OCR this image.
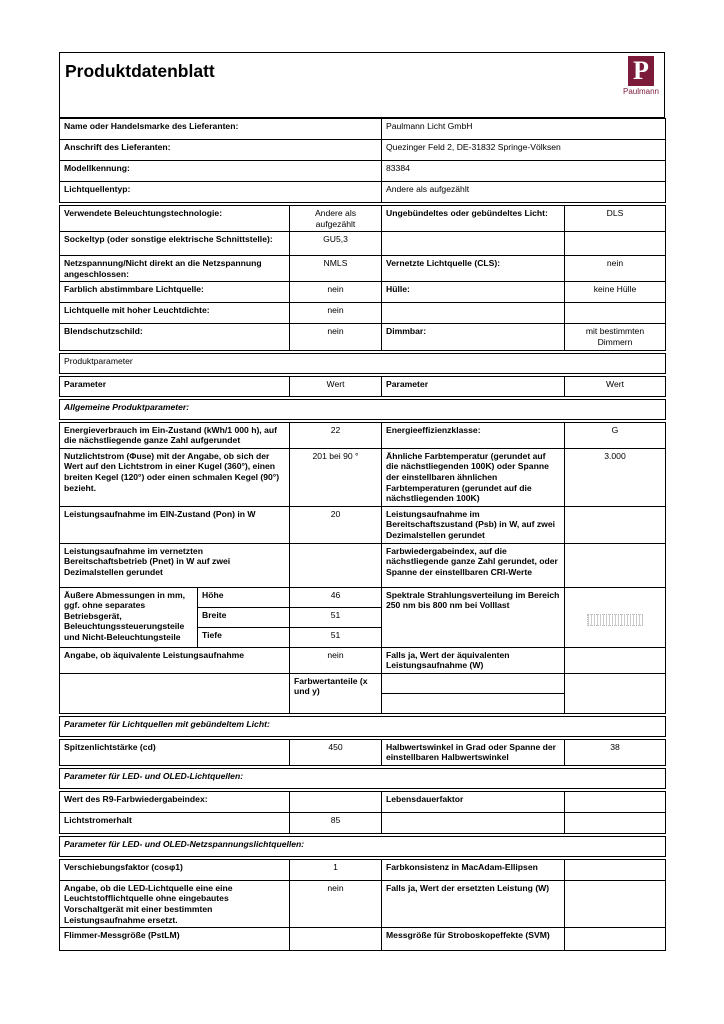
Produktdatenblatt	P
Paulmann
Name oder Handelsmarke des Lieferanten:			Paulmann Licht GmbH	
Anschrift des Lieferanten:			Quezinger Feld 2, DE-31832 Springe-Völksen	
Modellkennung:			83384	
Lichtquellentyp:			Andere als aufgezählt	

Verwendete Beleuchtungstechnologie:		Andere als aufgezählt	Ungebündeltes oder gebündeltes Licht:	DLS
Sockeltyp (oder sonstige elektrische Schnittstelle):		GU5,3		
Netzspannung/Nicht direkt an die Netzspannung angeschlossen:		NMLS	Vernetzte Lichtquelle (CLS):	nein
Farblich abstimmbare Lichtquelle:		nein	Hülle:	keine Hülle
Lichtquelle mit hoher Leuchtdichte:		nein		
Blendschutzschild:		nein	Dimmbar:	mit bestimmten Dimmern

Produktparameter				

Parameter		Wert	Parameter	Wert

Allgemeine Produktparameter:				

Energieverbrauch im Ein-Zustand (kWh/1 000 h), auf die nächstliegende ganze Zahl aufgerundet		22	Energieeffizienzklasse:	G
Nutzlichtstrom (Φuse) mit der Angabe, ob sich der Wert auf den Lichtstrom in einer Kugel (360°), einen breiten Kegel (120°) oder einen schmalen Kegel (90°) bezieht.		201 bei 90 °	Ähnliche Farbtemperatur (gerundet auf die nächstliegenden 100K) oder Spanne der einstellbaren ähnlichen Farbtemperaturen (gerundet auf die nächstliegenden 100K)	3.000
Leistungsaufnahme im EIN-Zustand (Pon) in W		20	Leistungsaufnahme im Bereitschaftszustand (Psb) in W, auf zwei Dezimalstellen gerundet	
Leistungsaufnahme im vernetzten Bereitschaftsbetrieb (Pnet) in W auf zwei Dezimalstellen gerundet			Farbwiedergabeindex, auf die nächstliegende ganze Zahl gerundet, oder Spanne der einstellbaren CRI-Werte	
Äußere Abmessungen in mm, ggf. ohne separates Betriebsgerät, Beleuchtungssteuerungsteile und Nicht-Beleuchtungsteile	Höhe	46	Spektrale Strahlungsverteilung im Bereich 250 nm bis 800 nm bei Volllast	

	Breite	51		
	Tiefe	51		
Angabe, ob äquivalente Leistungsaufnahme		nein	Falls ja, Wert der äquivalenten Leistungsaufnahme (W)	
		Farbwertanteile (x und y)		

Parameter für Lichtquellen mit gebündeltem Licht:				

Spitzenlichtstärke (cd)		450	Halbwertswinkel in Grad oder Spanne der einstellbaren Halbwertswinkel	38

Parameter für LED- und OLED-Lichtquellen:				

Wert des R9-Farbwiedergabeindex:			Lebensdauerfaktor	
Lichtstromerhalt		85		

Parameter für LED- und OLED-Netzspannungslichtquellen:				

Verschiebungsfaktor (cosφ1)		1	Farbkonsistenz in MacAdam-Ellipsen	
Angabe, ob die LED-Lichtquelle eine eine Leuchtstofflichtquelle ohne eingebautes Vorschaltgerät mit einer bestimmten Leistungsaufnahme ersetzt.		nein	Falls ja, Wert der ersetzten Leistung (W)	
Flimmer-Messgröße (PstLM)			Messgröße für Stroboskopeffekte (SVM)	
